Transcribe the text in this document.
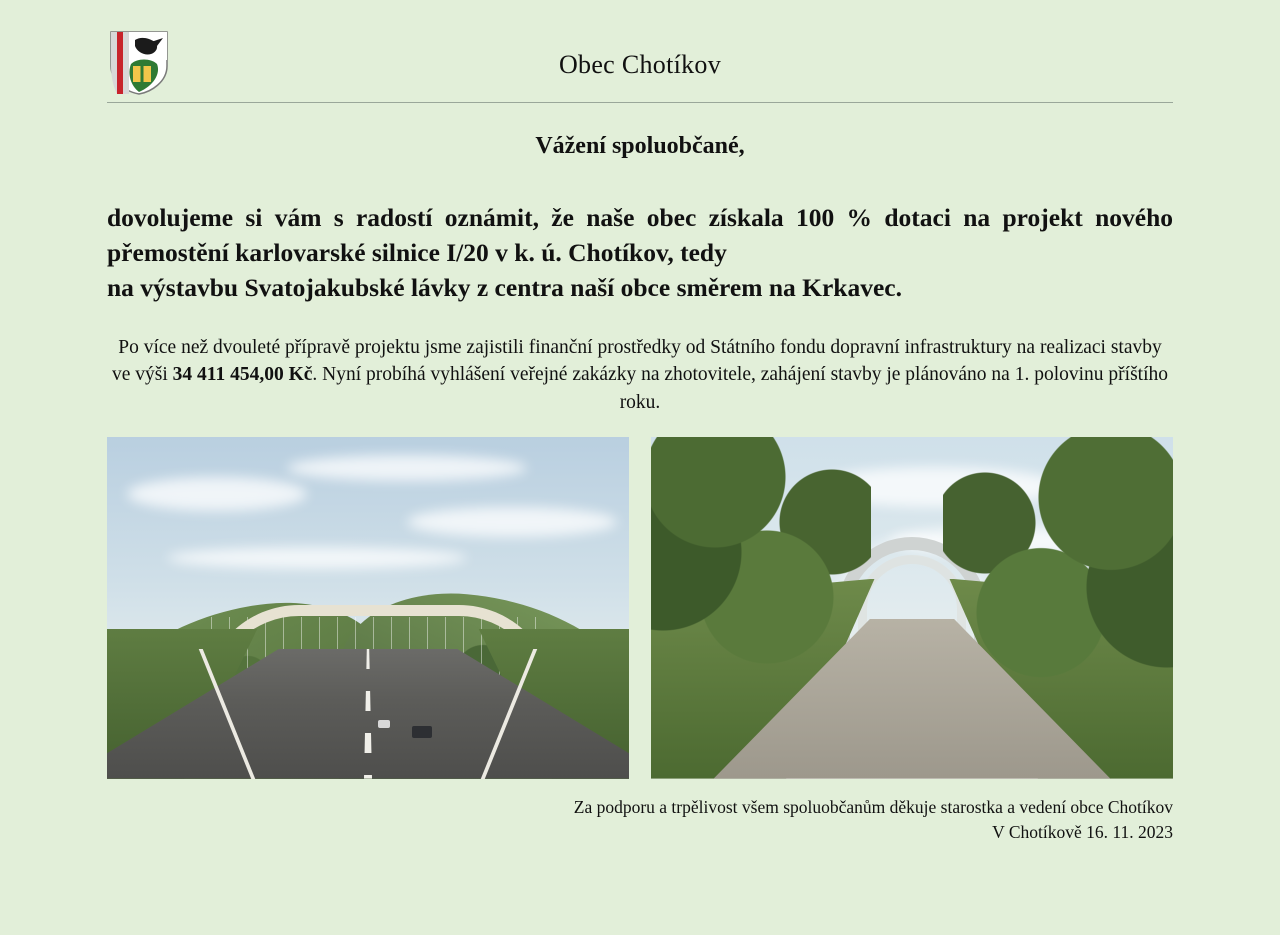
Obec Chotíkov
Vážení spoluobčané,
dovolujeme si vám s radostí oznámit, že naše obec získala 100 % dotaci na projekt nového přemostění karlovarské silnice I/20 v k. ú. Chotíkov, tedy
na výstavbu Svatojakubské lávky z centra naší obce směrem na Krkavec.
Po více než dvouleté přípravě projektu jsme zajistili finanční prostředky od Státního fondu dopravní infrastruktury na realizaci stavby ve výši 34 411 454,00 Kč. Nyní probíhá vyhlášení veřejné zakázky na zhotovitele, zahájení stavby je plánováno na 1. polovinu příštího roku.
Za podporu a trpělivost všem spoluobčanům děkuje starostka a vedení obce Chotíkov
V Chotíkově 16. 11. 2023
